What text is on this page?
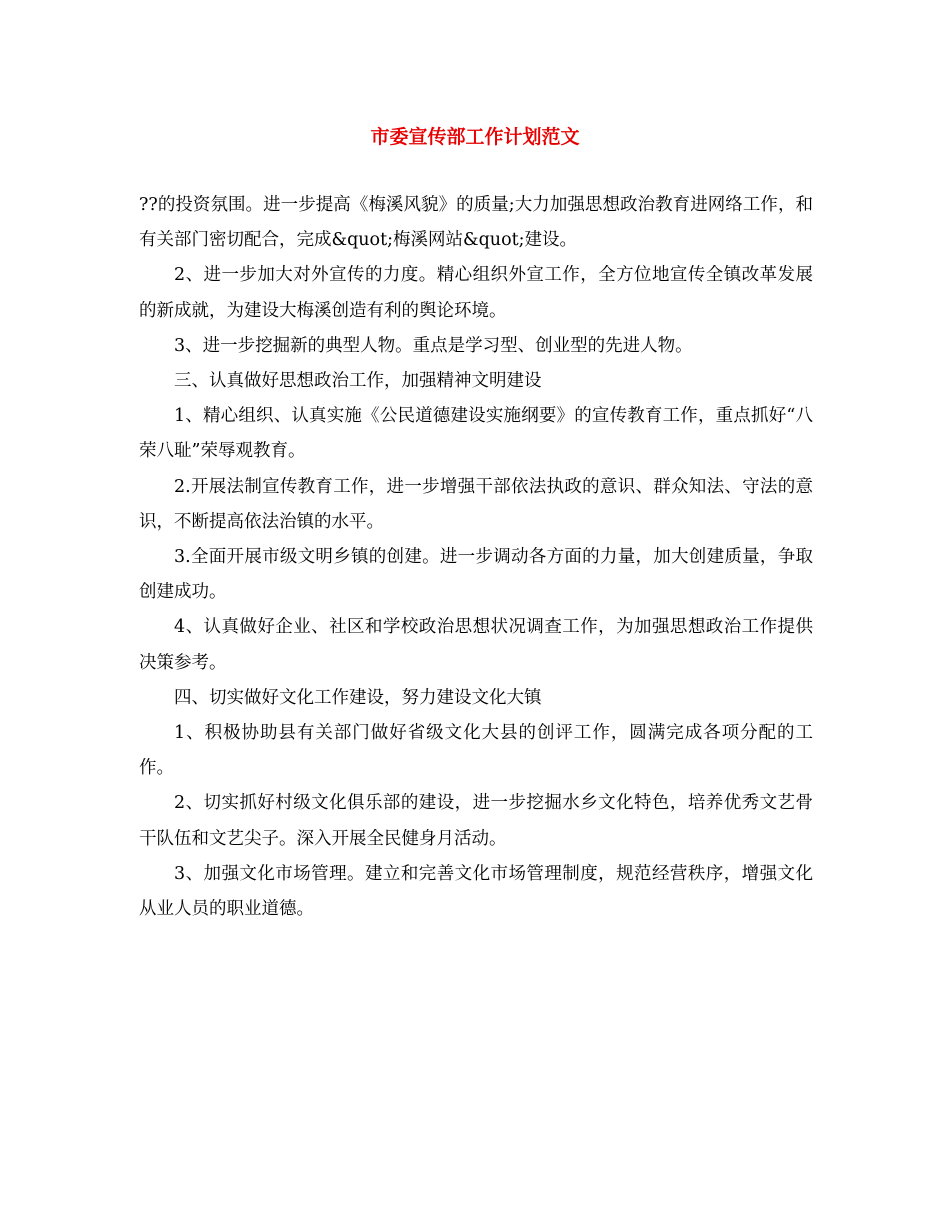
市委宣传部工作计划范文

??的投资氛围。进一步提高《梅溪风貌》的质量;大力加强思想政治教育进网络工作，和有关部门密切配合，完成&quot;梅溪网站&quot;建设。

2、进一步加大对外宣传的力度。精心组织外宣工作，全方位地宣传全镇改革发展的新成就，为建设大梅溪创造有利的舆论环境。

3、进一步挖掘新的典型人物。重点是学习型、创业型的先进人物。

三、认真做好思想政治工作，加强精神文明建设

1、精心组织、认真实施《公民道德建设实施纲要》的宣传教育工作，重点抓好“八荣八耻”荣辱观教育。

2.开展法制宣传教育工作，进一步增强干部依法执政的意识、群众知法、守法的意识，不断提高依法治镇的水平。

3.全面开展市级文明乡镇的创建。进一步调动各方面的力量，加大创建质量，争取创建成功。

4、认真做好企业、社区和学校政治思想状况调查工作，为加强思想政治工作提供决策参考。

四、切实做好文化工作建设，努力建设文化大镇

1、积极协助县有关部门做好省级文化大县的创评工作，圆满完成各项分配的工作。

2、切实抓好村级文化俱乐部的建设，进一步挖掘水乡文化特色，培养优秀文艺骨干队伍和文艺尖子。深入开展全民健身月活动。

3、加强文化市场管理。建立和完善文化市场管理制度，规范经营秩序，增强文化从业人员的职业道德。
